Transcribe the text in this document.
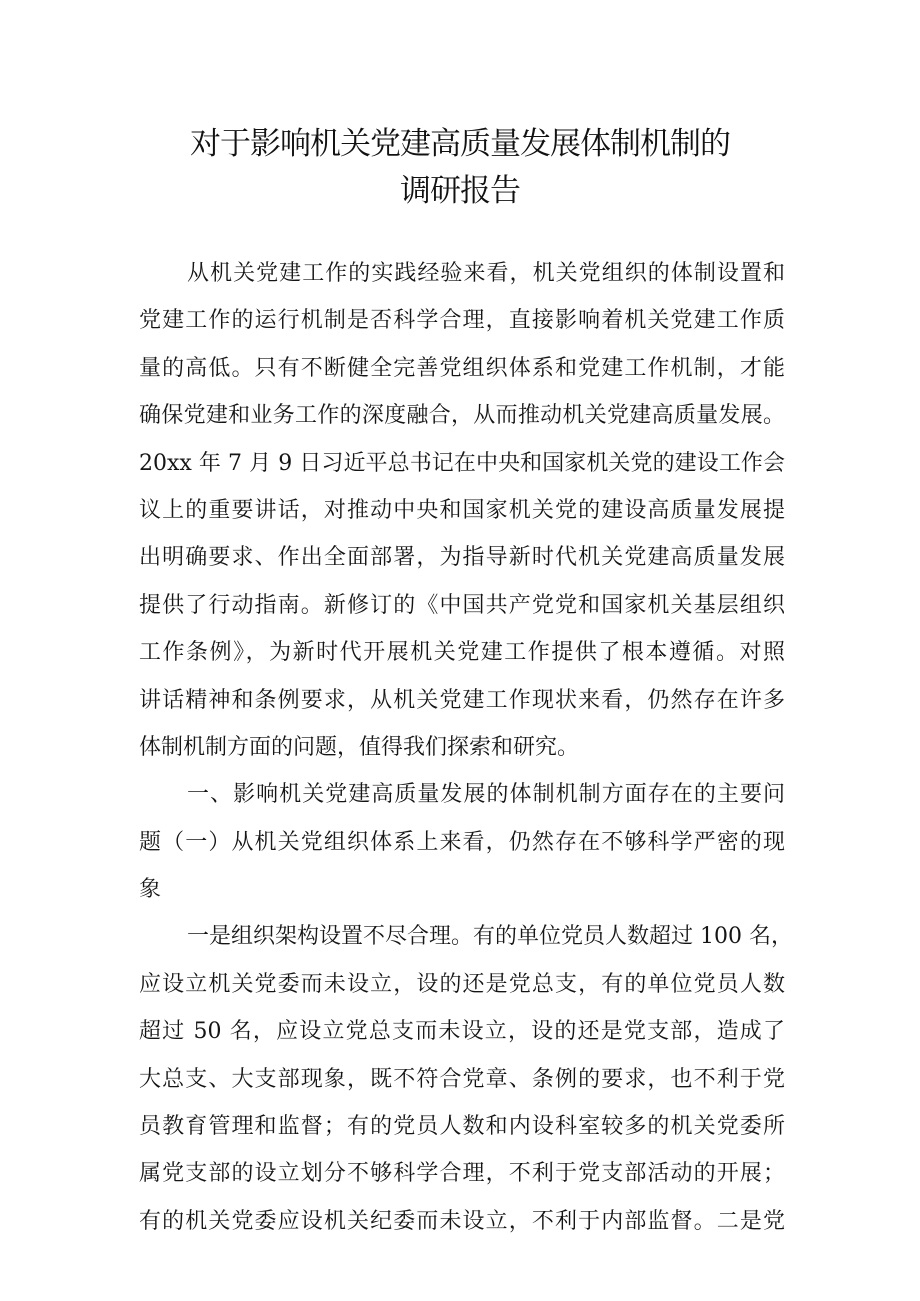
对于影响机关党建高质量发展体制机制的
调研报告
从机关党建工作的实践经验来看，机关党组织的体制设置和
党建工作的运行机制是否科学合理，直接影响着机关党建工作质
量的高低。只有不断健全完善党组织体系和党建工作机制，才能
确保党建和业务工作的深度融合，从而推动机关党建高质量发展。
20xx 年 7 月 9 日习近平总书记在中央和国家机关党的建设工作会
议上的重要讲话，对推动中央和国家机关党的建设高质量发展提
出明确要求、作出全面部署，为指导新时代机关党建高质量发展
提供了行动指南。新修订的《中国共产党党和国家机关基层组织
工作条例》，为新时代开展机关党建工作提供了根本遵循。对照
讲话精神和条例要求，从机关党建工作现状来看，仍然存在许多
体制机制方面的问题，值得我们探索和研究。
一、影响机关党建高质量发展的体制机制方面存在的主要问
题（一）从机关党组织体系上来看，仍然存在不够科学严密的现
象
一是组织架构设置不尽合理。有的单位党员人数超过 100 名，
应设立机关党委而未设立，设的还是党总支，有的单位党员人数
超过 50 名，应设立党总支而未设立，设的还是党支部，造成了
大总支、大支部现象，既不符合党章、条例的要求，也不利于党
员教育管理和监督；有的党员人数和内设科室较多的机关党委所
属党支部的设立划分不够科学合理，不利于党支部活动的开展；
有的机关党委应设机关纪委而未设立，不利于内部监督。二是党
